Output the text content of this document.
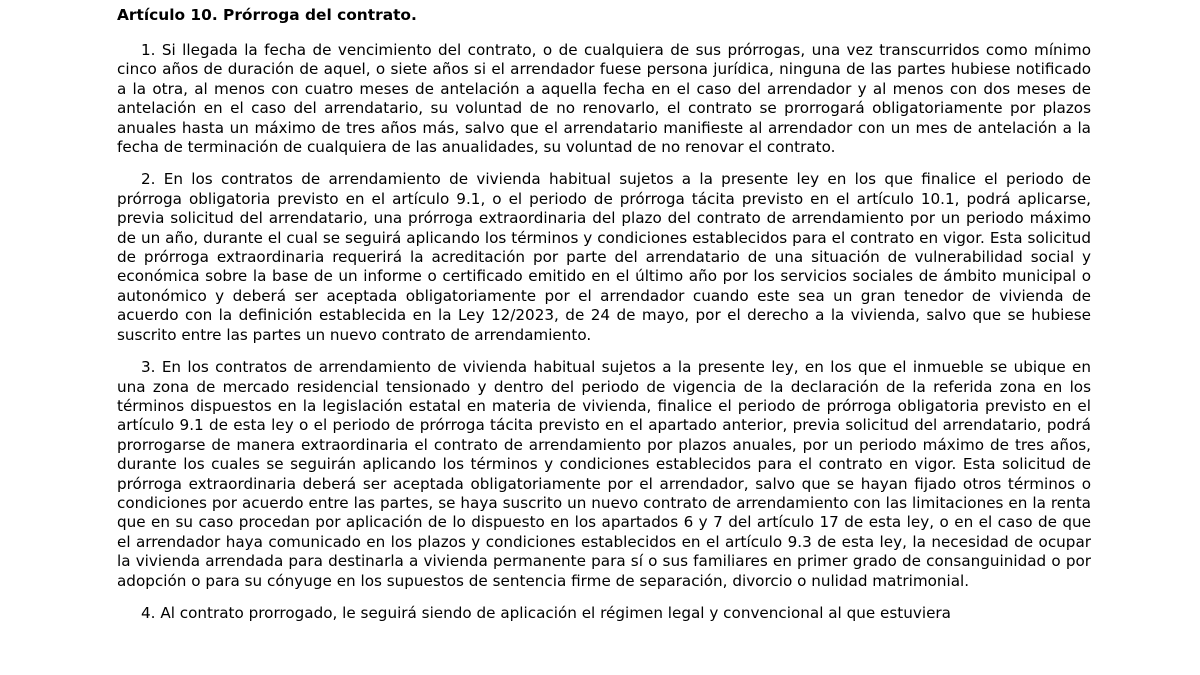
Artículo 10. Prórroga del contrato.

1. Si llegada la fecha de vencimiento del contrato, o de cualquiera de sus prórrogas, una vez transcurridos como mínimo cinco años de duración de aquel, o siete años si el arrendador fuese persona jurídica, ninguna de las partes hubiese notificado a la otra, al menos con cuatro meses de antelación a aquella fecha en el caso del arrendador y al menos con dos meses de antelación en el caso del arrendatario, su voluntad de no renovarlo, el contrato se prorrogará obligatoriamente por plazos anuales hasta un máximo de tres años más, salvo que el arrendatario manifieste al arrendador con un mes de antelación a la fecha de terminación de cualquiera de las anualidades, su voluntad de no renovar el contrato.

2. En los contratos de arrendamiento de vivienda habitual sujetos a la presente ley en los que finalice el periodo de prórroga obligatoria previsto en el artículo 9.1, o el periodo de prórroga tácita previsto en el artículo 10.1, podrá aplicarse, previa solicitud del arrendatario, una prórroga extraordinaria del plazo del contrato de arrendamiento por un periodo máximo de un año, durante el cual se seguirá aplicando los términos y condiciones establecidos para el contrato en vigor. Esta solicitud de prórroga extraordinaria requerirá la acreditación por parte del arrendatario de una situación de vulnerabilidad social y económica sobre la base de un informe o certificado emitido en el último año por los servicios sociales de ámbito municipal o autonómico y deberá ser aceptada obligatoriamente por el arrendador cuando este sea un gran tenedor de vivienda de acuerdo con la definición establecida en la Ley 12/2023, de 24 de mayo, por el derecho a la vivienda, salvo que se hubiese suscrito entre las partes un nuevo contrato de arrendamiento.

3. En los contratos de arrendamiento de vivienda habitual sujetos a la presente ley, en los que el inmueble se ubique en una zona de mercado residencial tensionado y dentro del periodo de vigencia de la declaración de la referida zona en los términos dispuestos en la legislación estatal en materia de vivienda, finalice el periodo de prórroga obligatoria previsto en el artículo 9.1 de esta ley o el periodo de prórroga tácita previsto en el apartado anterior, previa solicitud del arrendatario, podrá prorrogarse de manera extraordinaria el contrato de arrendamiento por plazos anuales, por un periodo máximo de tres años, durante los cuales se seguirán aplicando los términos y condiciones establecidos para el contrato en vigor. Esta solicitud de prórroga extraordinaria deberá ser aceptada obligatoriamente por el arrendador, salvo que se hayan fijado otros términos o condiciones por acuerdo entre las partes, se haya suscrito un nuevo contrato de arrendamiento con las limitaciones en la renta que en su caso procedan por aplicación de lo dispuesto en los apartados 6 y 7 del artículo 17 de esta ley, o en el caso de que el arrendador haya comunicado en los plazos y condiciones establecidos en el artículo 9.3 de esta ley, la necesidad de ocupar la vivienda arrendada para destinarla a vivienda permanente para sí o sus familiares en primer grado de consanguinidad o por adopción o para su cónyuge en los supuestos de sentencia firme de separación, divorcio o nulidad matrimonial.

4. Al contrato prorrogado, le seguirá siendo de aplicación el régimen legal y convencional al que estuviera
